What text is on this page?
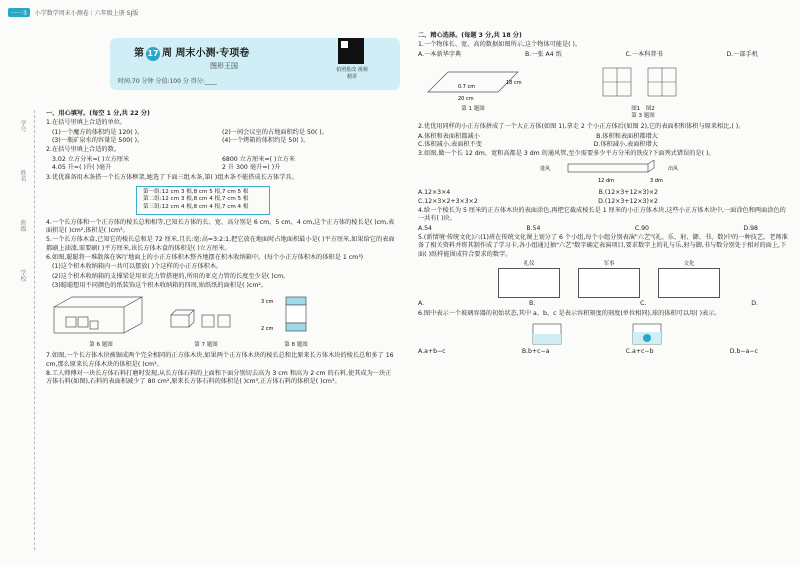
一一3 小学数学周末小测卷｜六年级上册 SJ版
学号　　　　　　 姓名　　　　　　 班级　　　　　　 学校
第 17 周 周末小测·专项卷
图形王国
时间:70 分钟 分值:100 分 得分:____
拍照批改 视频精讲
一、用心填写。(每空 1 分,共 22 分)
1.在括号里填上合适的单位。
(1)一个魔方的体积约是 120( )。	(2)一间会议室的占地面积约是 50( )。
(3)一瓶矿泉水的容量是 500( )。	(4)一个烤箱的体积约是 50( )。
2.在括号里填上合适的数。
3.02 立方分米=( )立方厘米	6800 立方厘米=( )立方米
4.05 升=( )升( )毫升	2 升 300 毫升=( )升
3.优优准备用木条搭一个长方体框架,她选了下面三组木条,第( )组木条不能搭成长方体学具。
第一组:12 cm 3 根,8 cm 5 根,7 cm 5 根
第二组:12 cm 3 根,8 cm 4 根,7 cm 5 根
第三组:12 cm 4 根,8 cm 4 根,7 cm 4 根
4.一个长方体和一个正方体的棱长总和相等,已知长方体的长、宽、高分别是 6 cm、5 cm、4 cm,这个正方体的棱长是( )cm,表面积是( )cm²,体积是( )cm³。
5.一个长方体木盒,已知它的棱长总和是 72 厘米,且长:宽:高=3:2:1,把它放在地面时占地面积最小是( )平方厘米,如果给它的表面都刷上油漆,需要刷( )平方厘米,该长方体木盒的体积是( )立方厘米。
6.如图,聪聪将一堆散落在客厅地面上的小正方体积木整齐地摆在积木收纳箱中。(每个小正方体积木的体积是 1 cm³)
(1)这个积木收纳箱内一共可以摆放( )个这样的小正方体积木。
(2)这个积木收纳箱的支撑梁是用亚克力管搭建的,所用的亚克力管的长度至少是( )cm。
(3)聪聪想用不同颜色的纸装饰这个积木收纳箱的四周,贴纸纸的面积是( )cm²。
第 6 题图	第 7 题图
3 cm
2 cm
第 8 题图
7.如图,一个长方体木块被锯成两个完全相同的正方体木块,如果两个正方体木块的棱长总和比原来长方体木块的棱长总和多了 16 cm,那么原来长方体木块的体积是( )cm³。
8.工人师傅对一块长方体石料打磨时发现,从长方体石料的上面和下面分别切去高为 3 cm 和高为 2 cm 的石料,使其成为一块正方体石料(如图),石料的表面积减少了 80 cm²,原来长方体石料的体积是( )cm³,正方体石料的体积是( )cm³。
二、精心选择。(每题 3 分,共 18 分)
1.一个物体长、宽、高的数据如图所示,这个物体可能是( )。
A.一本新华字典	B.一张 A4 纸	C.一本科普书	D.一部手机
0.7 cm
18 cm
20 cm
第 1 题图	图1　 图2
第 3 题图
2.优优用同样的小正方体拼成了一个大正方体(如图 1),拿走 2 个小正方体后(如图 2),它的表面积和体积与原来相比,( )。
A.体积和表面积都减小	B.体积和表面积都增大
C.体积减小,表面积不变	D.体积减小,表面积增大
3.如图,做一个长 12 dm、宽和高都是 3 dm 的通风管,至少需要多少平方分米的铁皮?下面列式错误的是( )。
进风	出风
12 dm	3 dm
A.12×3×4	B.(12×3+12×3)×2
C.12×3×2+3×3×2	D.(12×3+12×3)×2
4.给一个棱长为 5 厘米的正方体木块的表面涂色,再把它截成棱长是 1 厘米的小正方体木块,这些小正方体木块中,一面涂色和两面涂色的一共有( )块。
A.54	B.54	C.90	D.98
5.(新情境·传统文化)六(1)班在传统文化课上划分了 6 个小组,每个小组分别表演"六艺"(礼、乐、射、御、书、数)中的一种技艺。老师准备了相关资料并将其制作成了学习卡,各小组通过抽"六艺"数字确定表演项目,要求数字上的礼与乐,射与御,书与数分别处于相对的面上,下面( )纸样能围成符合要求的数字。
礼仪	军事	文化
A.	B.	C.	D.
6.图中表示一个玻璃容器的初始状态,其中 a、b、c 是表示容积刻度的刻度(单位相同),球的体积可以用( )表示。
A.a+b−c	B.b+c−a	C.a+c−b	D.b−a−c
